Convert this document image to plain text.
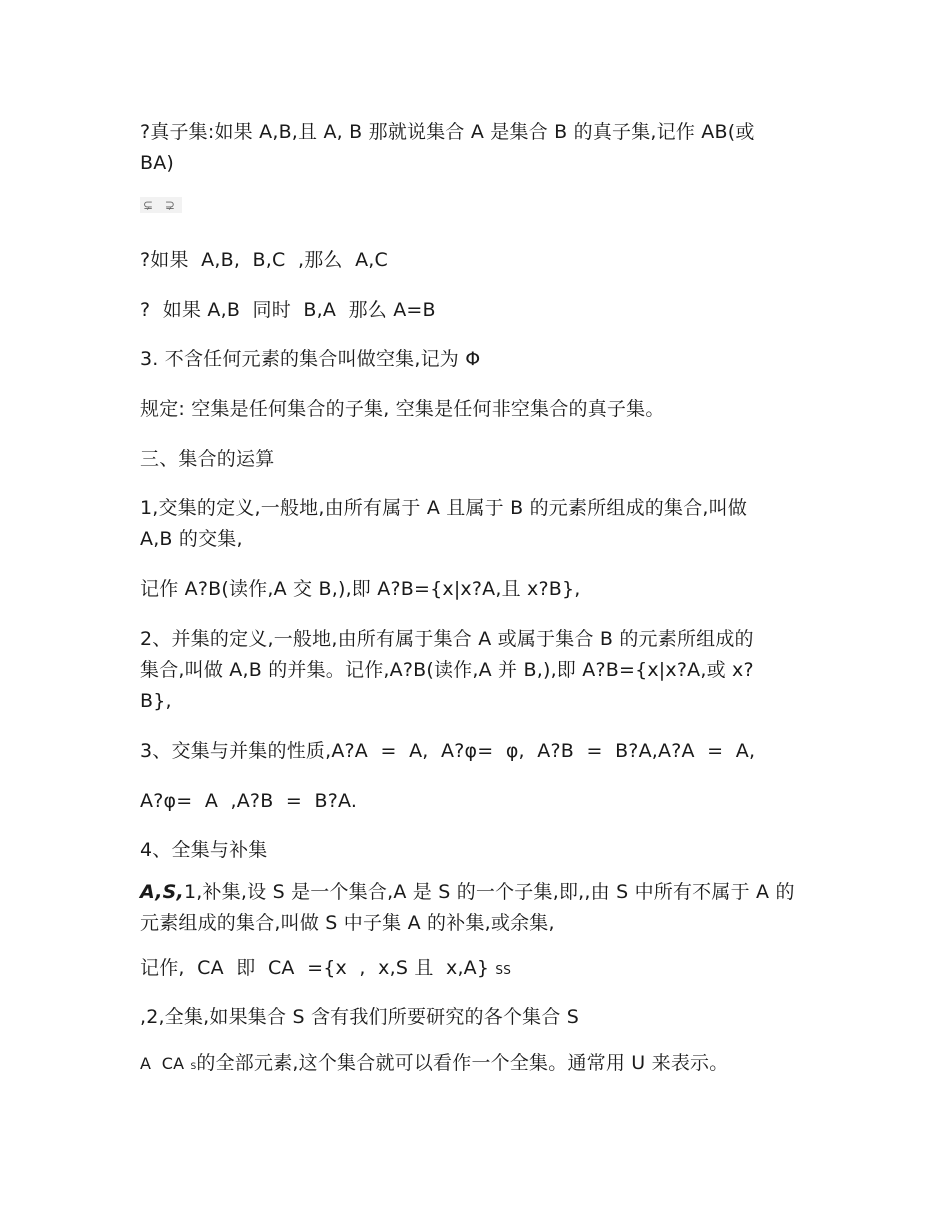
?真子集:如果 A,B,且 A, B 那就说集合 A 是集合 B 的真子集,记作 AB(或
BA)
⊊ ⊋
?如果  A,B,  B,C  ,那么  A,C
?  如果 A,B  同时  B,A  那么 A=B
3. 不含任何元素的集合叫做空集,记为 Φ
规定: 空集是任何集合的子集, 空集是任何非空集合的真子集。
三、集合的运算
1,交集的定义,一般地,由所有属于 A 且属于 B 的元素所组成的集合,叫做
A,B 的交集,
记作 A?B(读作,A 交 B,),即 A?B={x|x?A,且 x?B},
2、并集的定义,一般地,由所有属于集合 A 或属于集合 B 的元素所组成的
集合,叫做 A,B 的并集。记作,A?B(读作,A 并 B,),即 A?B={x|x?A,或 x?
B},
3、交集与并集的性质,A?A  =  A,  A?φ=  φ,  A?B  =  B?A,A?A  =  A,
A?φ=  A  ,A?B  =  B?A.
4、全集与补集
A,S,1,补集,设 S 是一个集合,A 是 S 的一个子集,即,,由 S 中所有不属于 A 的
元素组成的集合,叫做 S 中子集 A 的补集,或余集,
记作,  CA  即  CA  ={x  ,  x,S 且  x,A} SS
,2,全集,如果集合 S 含有我们所要研究的各个集合 S
A  CA S的全部元素,这个集合就可以看作一个全集。通常用 U 来表示。
